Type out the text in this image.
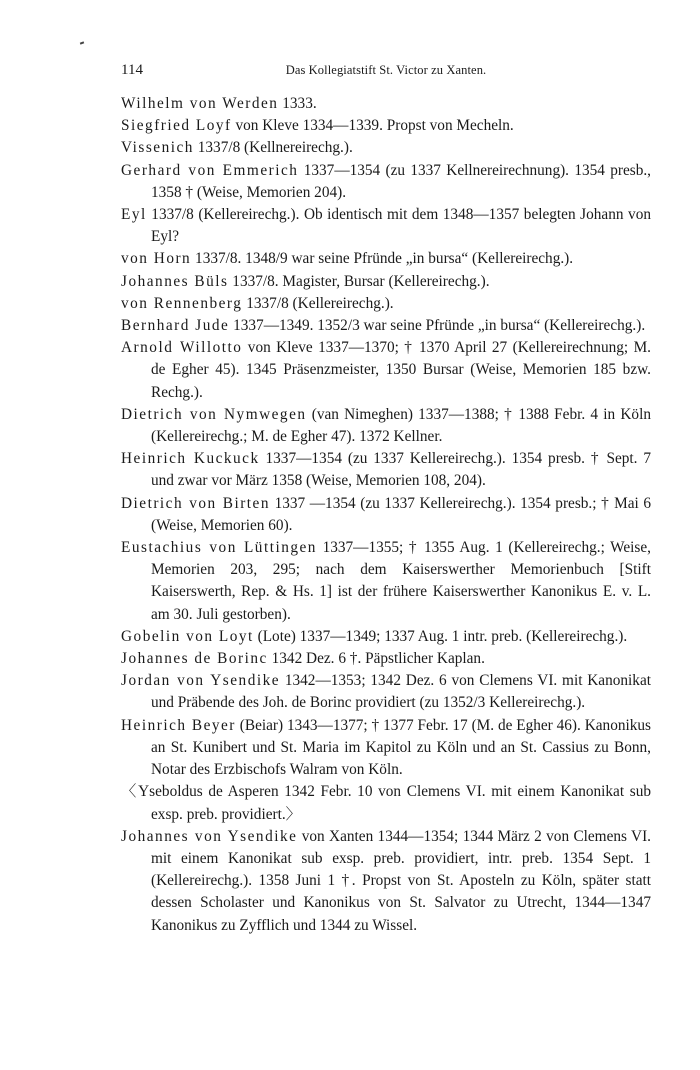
114	Das Kollegiatstift St. Victor zu Xanten.
Wilhelm von Werden 1333.
Siegfried Loyf von Kleve 1334—1339. Propst von Mecheln.
Vissenich 1337/8 (Kellnereirechg.).
Gerhard von Emmerich 1337—1354 (zu 1337 Kellnereirechnung). 1354 presb., 1358 † (Weise, Memorien 204).
Eyl 1337/8 (Kellereirechg.). Ob identisch mit dem 1348—1357 belegten Johann von Eyl?
von Horn 1337/8. 1348/9 war seine Pfründe „in bursa“ (Kellereirechg.).
Johannes Büls 1337/8. Magister, Bursar (Kellereirechg.).
von Rennenberg 1337/8 (Kellereirechg.).
Bernhard Jude 1337—1349. 1352/3 war seine Pfründe „in bursa“ (Kellereirechg.).
Arnold Willotto von Kleve 1337—1370; † 1370 April 27 (Kellereirechnung; M. de Egher 45). 1345 Präsenzmeister, 1350 Bursar (Weise, Memorien 185 bzw. Rechg.).
Dietrich von Nymwegen (van Nimeghen) 1337—1388; † 1388 Febr. 4 in Köln (Kellereirechg.; M. de Egher 47). 1372 Kellner.
Heinrich Kuckuck 1337—1354 (zu 1337 Kellereirechg.). 1354 presb. † Sept. 7 und zwar vor März 1358 (Weise, Memorien 108, 204).
Dietrich von Birten 1337 —1354 (zu 1337 Kellereirechg.). 1354 presb.; † Mai 6 (Weise, Memorien 60).
Eustachius von Lüttingen 1337—1355; † 1355 Aug. 1 (Kellereirechg.; Weise, Memorien 203, 295; nach dem Kaiserswerther Memorienbuch [Stift Kaiserswerth, Rep. & Hs. 1] ist der frühere Kaiserswerther Kanonikus E. v. L. am 30. Juli gestorben).
Gobelin von Loyt (Lote) 1337—1349; 1337 Aug. 1 intr. preb. (Kellereirechg.).
Johannes de Borinc 1342 Dez. 6 †. Päpstlicher Kaplan.
Jordan von Ysendike 1342—1353; 1342 Dez. 6 von Clemens VI. mit Kanonikat und Präbende des Joh. de Borinc providiert (zu 1352/3 Kellereirechg.).
Heinrich Beyer (Beiar) 1343—1377; † 1377 Febr. 17 (M. de Egher 46). Kanonikus an St. Kunibert und St. Maria im Kapitol zu Köln und an St. Cassius zu Bonn, Notar des Erzbischofs Walram von Köln.
〈Yseboldus de Asperen 1342 Febr. 10 von Clemens VI. mit einem Kanonikat sub exsp. preb. providiert.〉
Johannes von Ysendike von Xanten 1344—1354; 1344 März 2 von Clemens VI. mit einem Kanonikat sub exsp. preb. providiert, intr. preb. 1354 Sept. 1 (Kellereirechg.). 1358 Juni 1 †. Propst von St. Aposteln zu Köln, später statt dessen Scholaster und Kanonikus von St. Salvator zu Utrecht, 1344—1347 Kanonikus zu Zyfflich und 1344 zu Wissel.
